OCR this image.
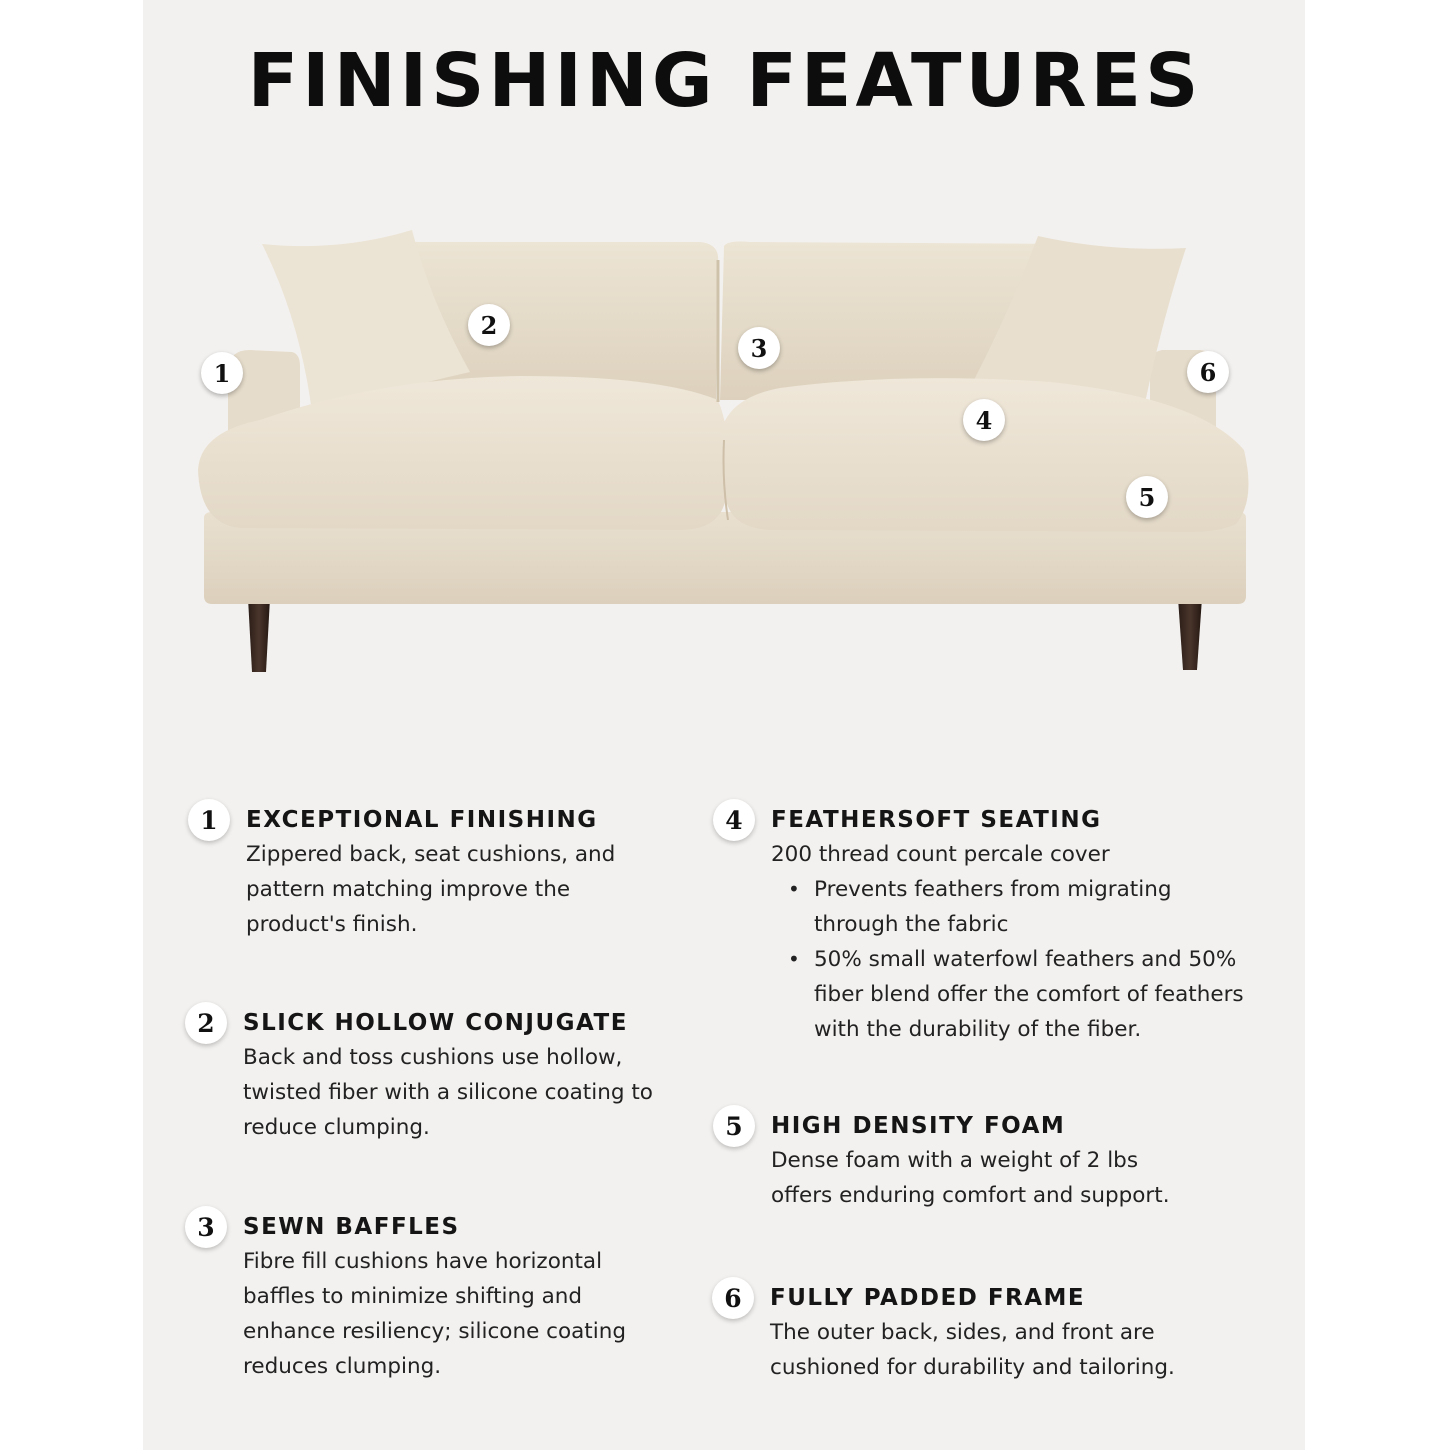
FINISHING FEATURES
1
2
3
4
5
6
1	EXCEPTIONAL FINISHING

Zippered back, seat cushions, and pattern matching improve the product's finish.

2	SLICK HOLLOW CONJUGATE

Back and toss cushions use hollow, twisted fiber with a silicone coating to reduce clumping.

3	SEWN BAFFLES

Fibre fill cushions have horizontal baffles to minimize shifting and enhance resiliency; silicone coating reduces clumping.

4	FEATHERSOFT SEATING

200 thread count percale cover

• Prevents feathers from migrating through the fabric
• 50% small waterfowl feathers and 50% fiber blend offer the comfort of feathers with the durability of the fiber.
5	HIGH DENSITY FOAM

Dense foam with a weight of 2 lbs offers enduring comfort and support.

6	FULLY PADDED FRAME

The outer back, sides, and front are cushioned for durability and tailoring.
